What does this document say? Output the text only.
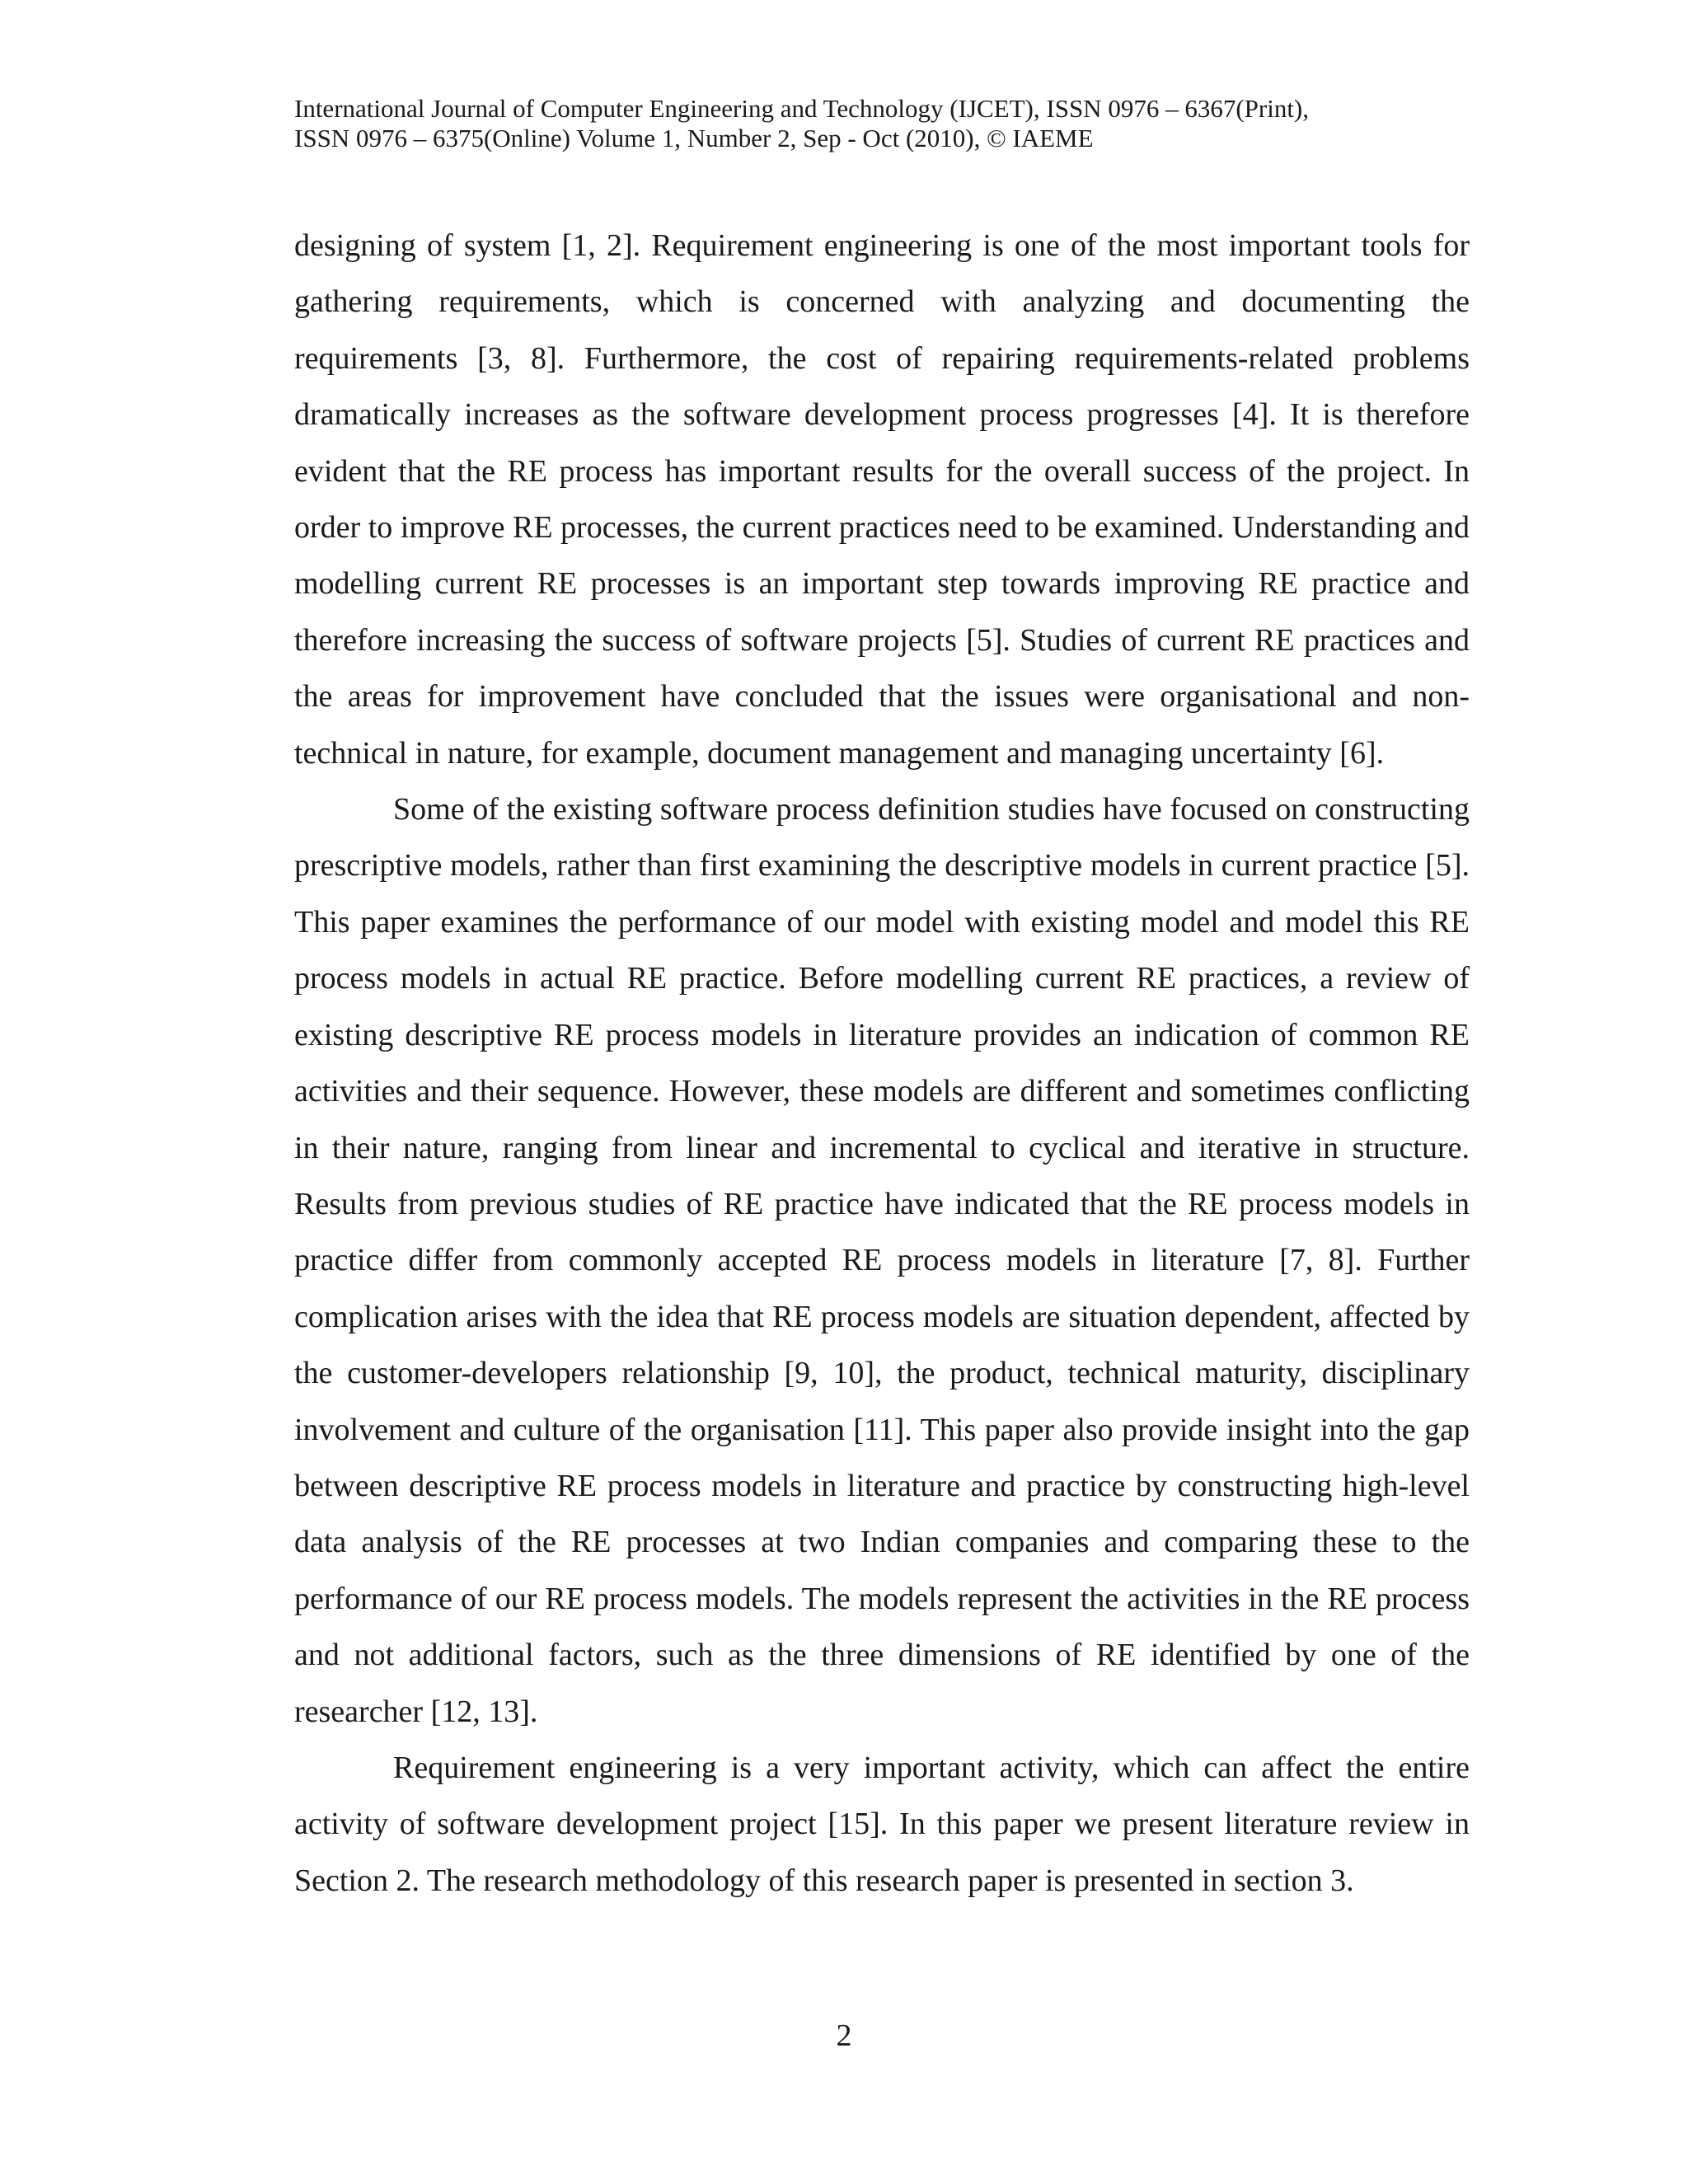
International Journal of Computer Engineering and Technology (IJCET), ISSN 0976 – 6367(Print),
ISSN 0976 – 6375(Online) Volume 1, Number 2, Sep - Oct (2010), © IAEME

designing of system [1, 2]. Requirement engineering is one of the most important tools for gathering requirements, which is concerned with analyzing and documenting the requirements [3, 8]. Furthermore, the cost of repairing requirements-related problems dramatically increases as the software development process progresses [4]. It is therefore evident that the RE process has important results for the overall success of the project. In order to improve RE processes, the current practices need to be examined. Understanding and modelling current RE processes is an important step towards improving RE practice and therefore increasing the success of software projects [5]. Studies of current RE practices and the areas for improvement have concluded that the issues were organisational and non-technical in nature, for example, document management and managing uncertainty [6].

Some of the existing software process definition studies have focused on constructing prescriptive models, rather than first examining the descriptive models in current practice [5]. This paper examines the performance of our model with existing model and model this RE process models in actual RE practice. Before modelling current RE practices, a review of existing descriptive RE process models in literature provides an indication of common RE activities and their sequence. However, these models are different and sometimes conflicting in their nature, ranging from linear and incremental to cyclical and iterative in structure. Results from previous studies of RE practice have indicated that the RE process models in practice differ from commonly accepted RE process models in literature [7, 8]. Further complication arises with the idea that RE process models are situation dependent, affected by the customer-developers relationship [9, 10], the product, technical maturity, disciplinary involvement and culture of the organisation [11]. This paper also provide insight into the gap between descriptive RE process models in literature and practice by constructing high-level data analysis of the RE processes at two Indian companies and comparing these to the performance of our RE process models. The models represent the activities in the RE process and not additional factors, such as the three dimensions of RE identified by one of the researcher [12, 13].

Requirement engineering is a very important activity, which can affect the entire activity of software development project [15]. In this paper we present literature review in Section 2. The research methodology of this research paper is presented in section 3.

2
